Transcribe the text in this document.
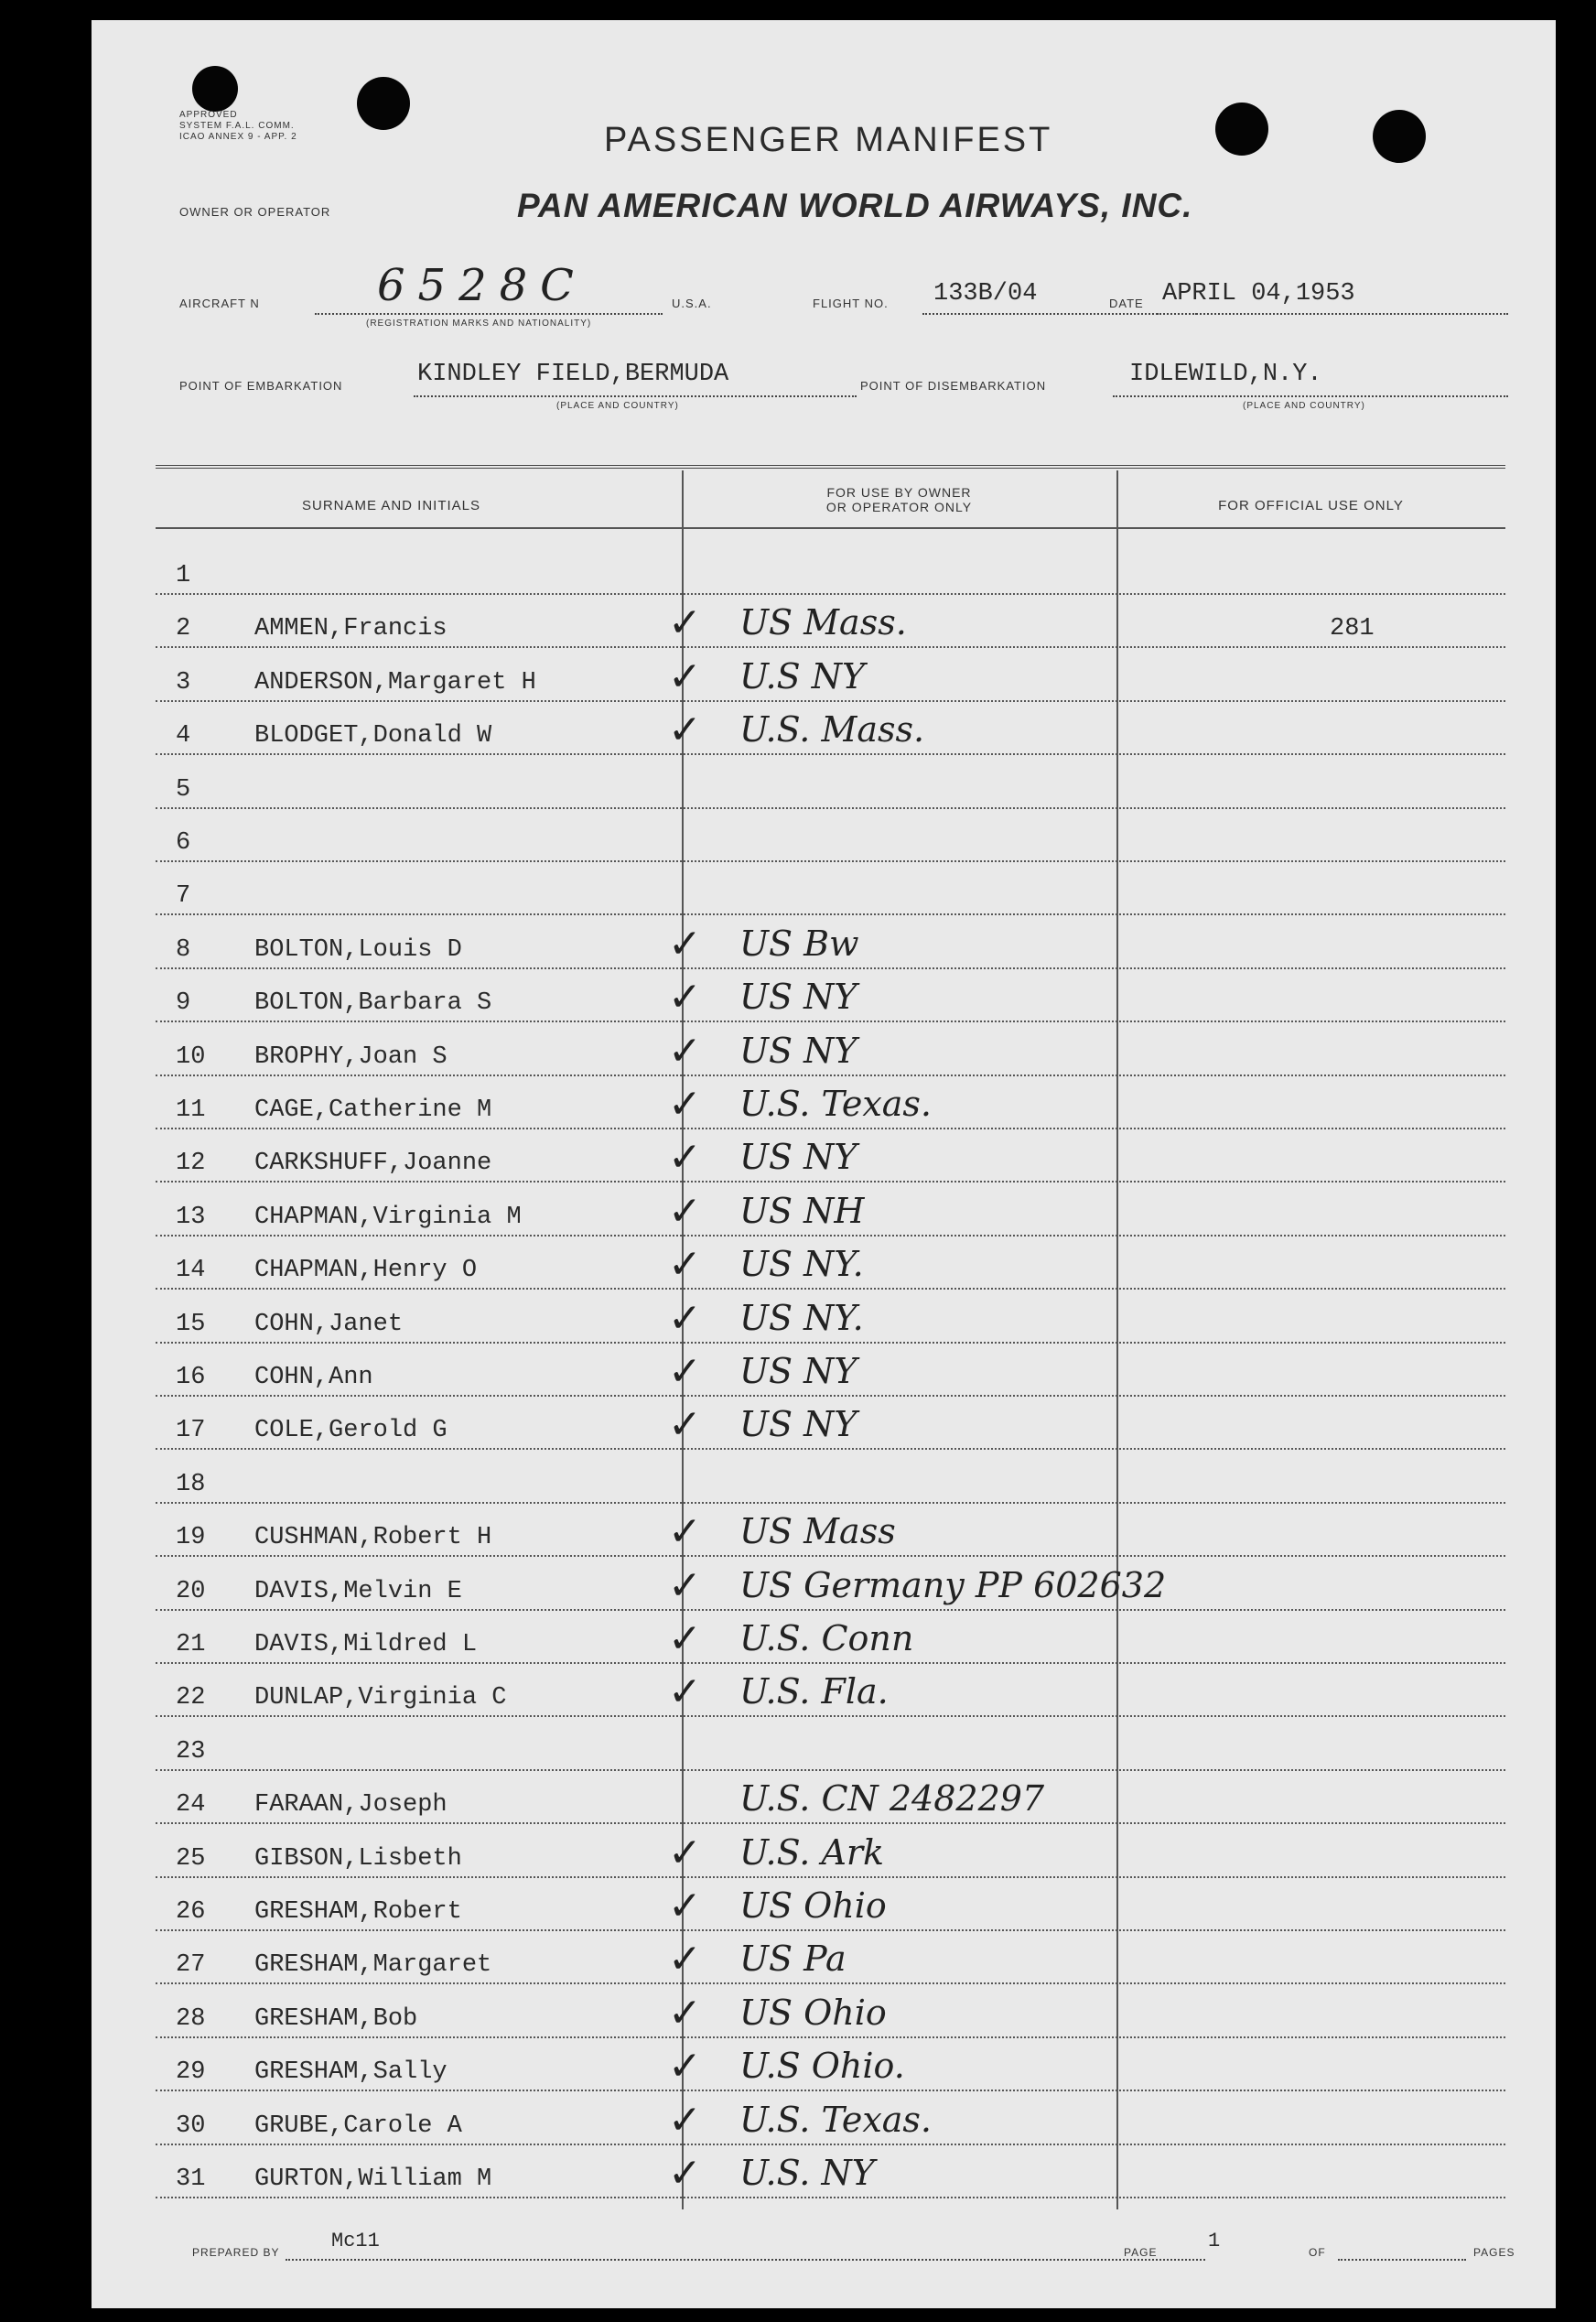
APPROVED
SYSTEM F.A.L. COMM.
ICAO ANNEX 9 - APP. 2	PASSENGER MANIFEST
OWNER OR OPERATOR	PAN AMERICAN WORLD AIRWAYS, INC.
AIRCRAFT N	6528C
(REGISTRATION MARKS AND NATIONALITY)
U.S.A.	FLIGHT NO. 133B/04	DATE APRIL 04,1953
POINT OF EMBARKATION	KINDLEY FIELD,BERMUDA
(PLACE AND COUNTRY)
POINT OF DISEMBARKATION	IDLEWILD,N.Y.
(PLACE AND COUNTRY)
SURNAME AND INITIALS
FOR USE BY OWNER
OR OPERATOR ONLY	FOR OFFICIAL USE ONLY
1
2	AMMEN,Francis	✓ US Mass.	281
3	ANDERSON,Margaret H	✓ U.S NY
4	BLODGET,Donald W	✓ U.S. Mass.
5
6
7
8	BOLTON,Louis D	✓ US Bw
9	BOLTON,Barbara S	✓ US NY
10	BROPHY,Joan S	✓ US NY
11	CAGE,Catherine M	✓ U.S. Texas.
12	CARKSHUFF,Joanne	✓ US NY
13	CHAPMAN,Virginia M	✓ US NH
14	CHAPMAN,Henry O	✓ US NY.
15	COHN,Janet	✓ US NY.
16	COHN,Ann	✓ US NY
17	COLE,Gerold G	✓ US NY
18
19	CUSHMAN,Robert H	✓ US Mass
20	DAVIS,Melvin E	✓ US Germany PP 602632
21	DAVIS,Mildred L	✓ U.S. Conn
22	DUNLAP,Virginia C	✓ U.S. Fla.
23
24	FARAAN,Joseph	U.S. CN 2482297
25	GIBSON,Lisbeth	✓ U.S. Ark
26	GRESHAM,Robert	✓ US Ohio
27	GRESHAM,Margaret	✓ US Pa
28	GRESHAM,Bob	✓ US Ohio
29	GRESHAM,Sally	✓ U.S Ohio.
30	GRUBE,Carole A	✓ U.S. Texas.
31	GURTON,William M	✓ U.S. NY
PREPARED BY	Mc11	PAGE	1	OF	PAGES
